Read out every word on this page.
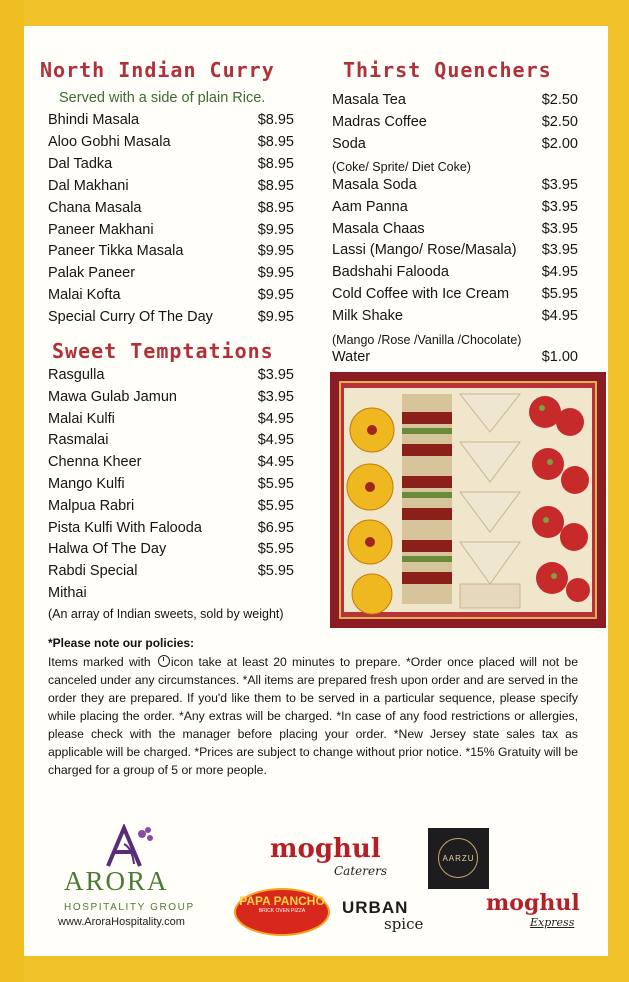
North Indian Curry
Served with a side of plain Rice.
Bhindi Masala	$8.95
Aloo Gobhi Masala	$8.95
Dal Tadka	$8.95
Dal Makhani	$8.95
Chana Masala	$8.95
Paneer Makhani	$9.95
Paneer Tikka Masala	$9.95
Palak Paneer	$9.95
Malai Kofta	$9.95
Special Curry Of The Day	$9.95
Sweet Temptations
Rasgulla	$3.95
Mawa Gulab Jamun	$3.95
Malai Kulfi	$4.95
Rasmalai	$4.95
Chenna Kheer	$4.95
Mango Kulfi	$5.95
Malpua Rabri	$5.95
Pista Kulfi With Falooda	$6.95
Halwa Of The Day	$5.95
Rabdi Special	$5.95
Mithai
(An array of Indian sweets, sold by weight)
Thirst Quenchers
Masala Tea	$2.50
Madras Coffee	$2.50
Soda	$2.00
Masala Soda	$3.95
Aam Panna	$3.95
Masala Chaas	$3.95
Lassi (Mango/ Rose/Masala) $3.95
Badshahi Falooda	$4.95
Cold Coffee with Ice Cream $5.95
Milk Shake	$4.95
Water	$1.00
(Coke/ Sprite/ Diet Coke)
(Mango /Rose /Vanilla /Chocolate)
*Please note our policies:
Items marked with icon take at least 20 minutes to prepare. *Order once placed will not be canceled under any circumstances. *All items are prepared fresh upon order and are served in the order they are prepared. If you'd like them to be served in a particular sequence, please specify while placing the order. *Any extras will be charged. *In case of any food restrictions or allergies, please check with the manager before placing your order. *New Jersey state sales tax as applicable will be charged. *Prices are subject to change without prior notice. *15% Gratuity will be charged for a group of 5 or more people.
ARORA
HOSPITALITY GROUP
www.AroraHospitality.com
moghul
Caterers
PAPA PANCHO
BRICK OVEN PIZZA	URBAN
spice
AARZU
moghul
Express
